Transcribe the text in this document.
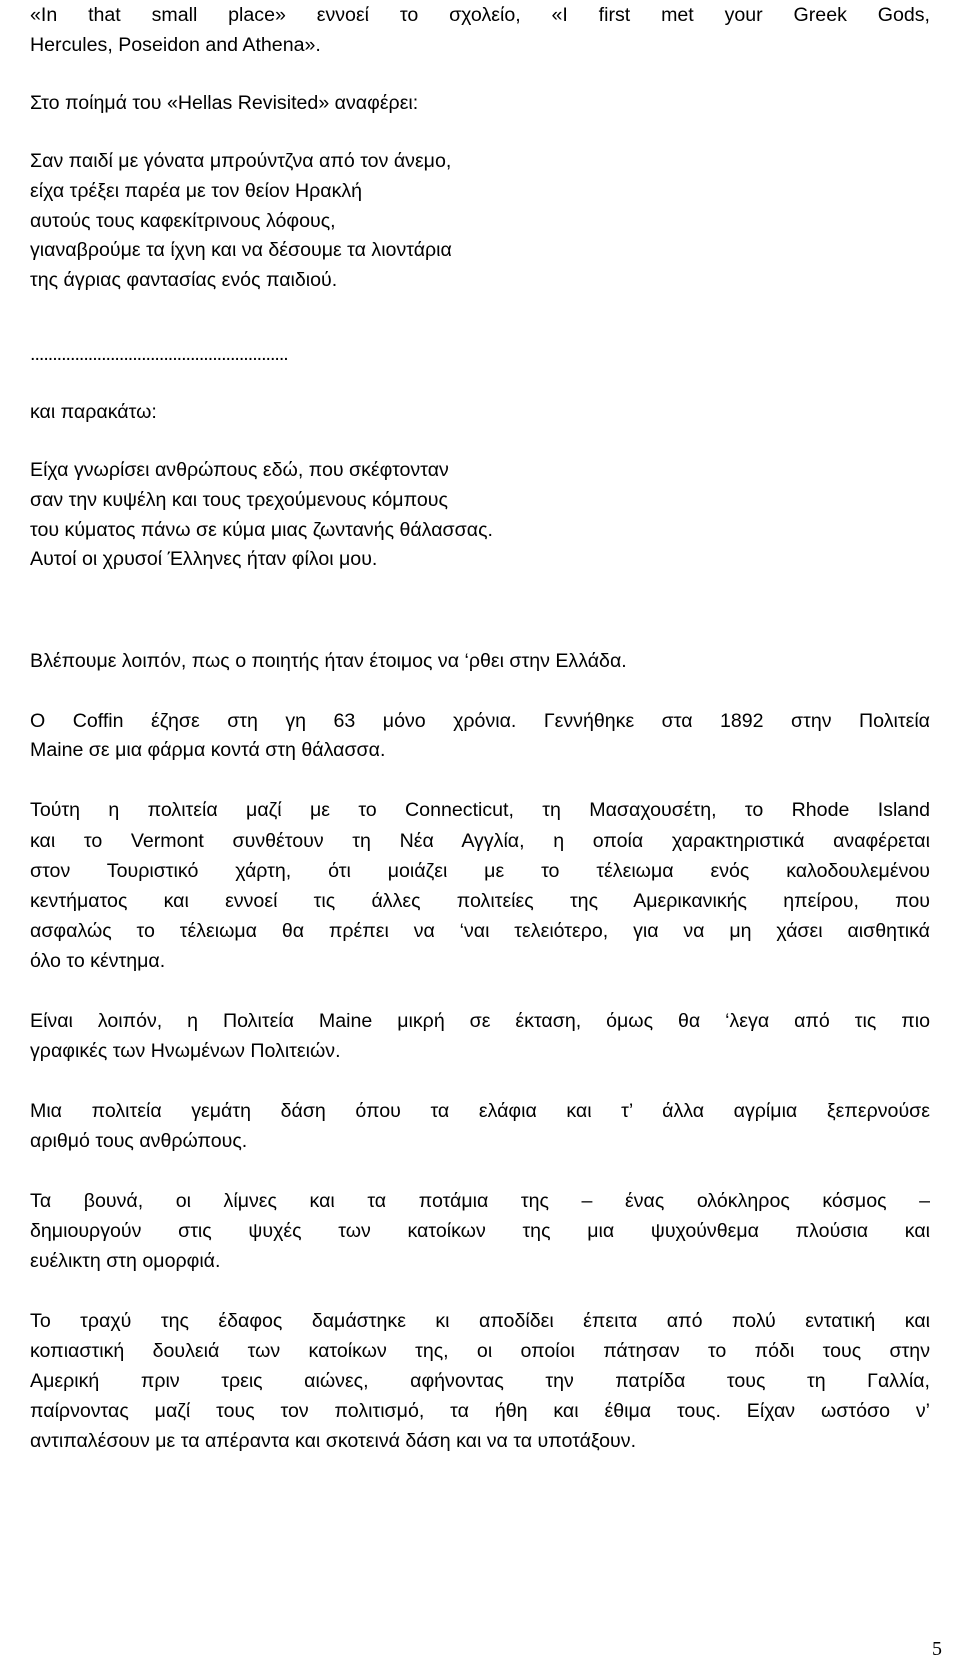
«In that small place» εννοεί το σχολείο, «I first met your Greek Gods,
Hercules, Poseidon and Athena».
Στο ποίημά του «Hellas Revisited» αναφέρει:
Σαν παιδί με γόνατα μπρούντζνα από τον άνεμο,
είχα τρέξει παρέα με τον θείον Ηρακλή
αυτούς τους καφεκίτρινους λόφους,
γιαναβρούμε τα ίχνη και να δέσουμε τα λιοντάρια
της άγριας φαντασίας ενός παιδιού.
..........................................................
και παρακάτω:
Είχα γνωρίσει ανθρώπους εδώ, που σκέφτονταν
σαν την κυψέλη και τους τρεχούμενους κόμπους
του κύματος πάνω σε κύμα μιας ζωντανής θάλασσας.
Αυτοί οι χρυσοί Έλληνες ήταν φίλοι μου.
Βλέπουμε λοιπόν, πως ο ποιητής ήταν έτοιμος να ‘ρθει στην Ελλάδα.
Ο Coffin έζησε στη γη 63 μόνο χρόνια. Γεννήθηκε στα 1892 στην Πολιτεία
Maine σε μια φάρμα κοντά στη θάλασσα.
Τούτη η πολιτεία μαζί με το Connecticut, τη Μασαχουσέτη, το Rhode Island
και το Vermont συνθέτουν τη Νέα Αγγλία, η οποία χαρακτηριστικά αναφέρεται
στον Τουριστικό χάρτη, ότι μοιάζει με το τέλειωμα ενός καλοδουλεμένου
κεντήματος και εννοεί τις άλλες πολιτείες της Αμερικανικής ηπείρου, που
ασφαλώς το τέλειωμα θα πρέπει να ‘ναι τελειότερο, για να μη χάσει αισθητικά
όλο το κέντημα.
Είναι λοιπόν, η Πολιτεία Maine μικρή σε έκταση, όμως θα ‘λεγα από τις πιο
γραφικές των Ηνωμένων Πολιτειών.
Μια πολιτεία γεμάτη δάση όπου τα ελάφια και τ’ άλλα αγρίμια ξεπερνούσε
αριθμό τους ανθρώπους.
Τα βουνά, οι λίμνες και τα ποτάμια της – ένας ολόκληρος κόσμος –
δημιουργούν στις ψυχές των κατοίκων της μια ψυχούνθεμα πλούσια και
ευέλικτη στη ομορφιά.
Το τραχύ της έδαφος δαμάστηκε κι αποδίδει έπειτα από πολύ εντατική και
κοπιαστική δουλειά των κατοίκων της, οι οποίοι πάτησαν το πόδι τους στην
Αμερική πριν τρεις αιώνες, αφήνοντας την πατρίδα τους τη Γαλλία,
παίρνοντας μαζί τους τον πολιτισμό, τα ήθη και έθιμα τους. Είχαν ωστόσο ν’
αντιπαλέσουν με τα απέραντα και σκοτεινά δάση και να τα υποτάξουν.
5
